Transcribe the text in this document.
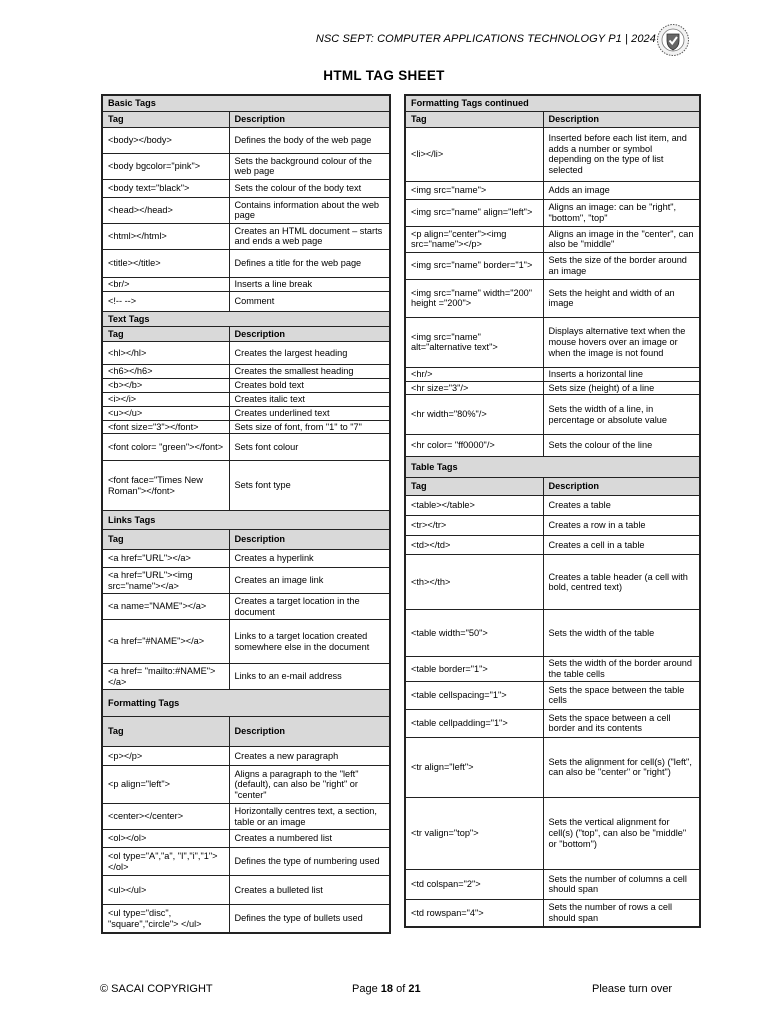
NSC SEPT: COMPUTER APPLICATIONS TECHNOLOGY P1 | 2024
HTML TAG SHEET
Basic Tags	
Tag	Description
<body></body>	Defines the body of the web page
<body bgcolor="pink">	Sets the background colour of the web page
<body text="black">	Sets the colour of the body text
<head></head>	Contains information about the web page
<html></html>	Creates an HTML document – starts and ends a web page
<title></title>	Defines a title for the web page
<br/>	Inserts a line break
<!-- -->	Comment
Text Tags	
Tag	Description
<hl></hl>	Creates the largest heading
<h6></h6>	Creates the smallest heading
<b></b>	Creates bold text
<i></i>	Creates italic text
<u></u>	Creates underlined text
<font size="3"></font>	Sets size of font, from "1" to "7"
<font color= "green"></font>	Sets font colour
<font face="Times New Roman"></font>	Sets font type
Links Tags	
Tag	Description
<a href="URL"></a>	Creates a hyperlink
<a href="URL"><img src="name"></a>	Creates an image link
<a name="NAME"></a>	Creates a target location in the document
<a href="#NAME"></a>	Links to a target location created somewhere else in the document
<a href= "mailto:#NAME"></a>	Links to an e-mail address
Formatting Tags	
Tag	Description
<p></p>	Creates a new paragraph
<p align="left">	Aligns a paragraph to the "left" (default), can also be "right" or "center"
<center></center>	Horizontally centres text, a section, table or an image
<ol></ol>	Creates a numbered list
<ol type="A","a", "I","i","1"></ol>	Defines the type of numbering used
<ul></ul>	Creates a bulleted list
<ul type="disc", "square","circle"> </ul>	Defines the type of bullets used
Formatting Tags continued	
Tag	Description
<li></li>	Inserted before each list item, and adds a number or symbol depending on the type of list selected
<img src="name">	Adds an image
<img src="name" align="left">	Aligns an image: can be "right", "bottom", "top"
<p align="center"><img src="name"></p>	Aligns an image in the "center", can also be "middle"
<img src="name" border="1">	Sets the size of the border around an image
<img src="name" width="200" height ="200">	Sets the height and width of an image
<img src="name" alt="alternative text">	Displays alternative text when the mouse hovers over an image or when the image is not found
<hr/>	Inserts a horizontal line
<hr size="3"/>	Sets size (height) of a line
<hr width="80%"/>	Sets the width of a line, in percentage or absolute value
<hr color= "ff0000"/>	Sets the colour of the line
Table Tags	
Tag	Description
<table></table>	Creates a table
<tr></tr>	Creates a row in a table
<td></td>	Creates a cell in a table
<th></th>	Creates a table header (a cell with bold, centred text)
<table width="50">	Sets the width of the table
<table border="1">	Sets the width of the border around the table cells
<table cellspacing="1">	Sets the space between the table cells
<table cellpadding="1">	Sets the space between a cell border and its contents
<tr align="left">	Sets the alignment for cell(s) ("left", can also be "center" or "right")
<tr valign="top">	Sets the vertical alignment for cell(s) ("top", can also be "middle" or "bottom")
<td colspan="2">	Sets the number of columns a cell should span
<td rowspan="4">	Sets the number of rows a cell should span
© SACAI COPYRIGHT	Page 18 of 21	Please turn over
